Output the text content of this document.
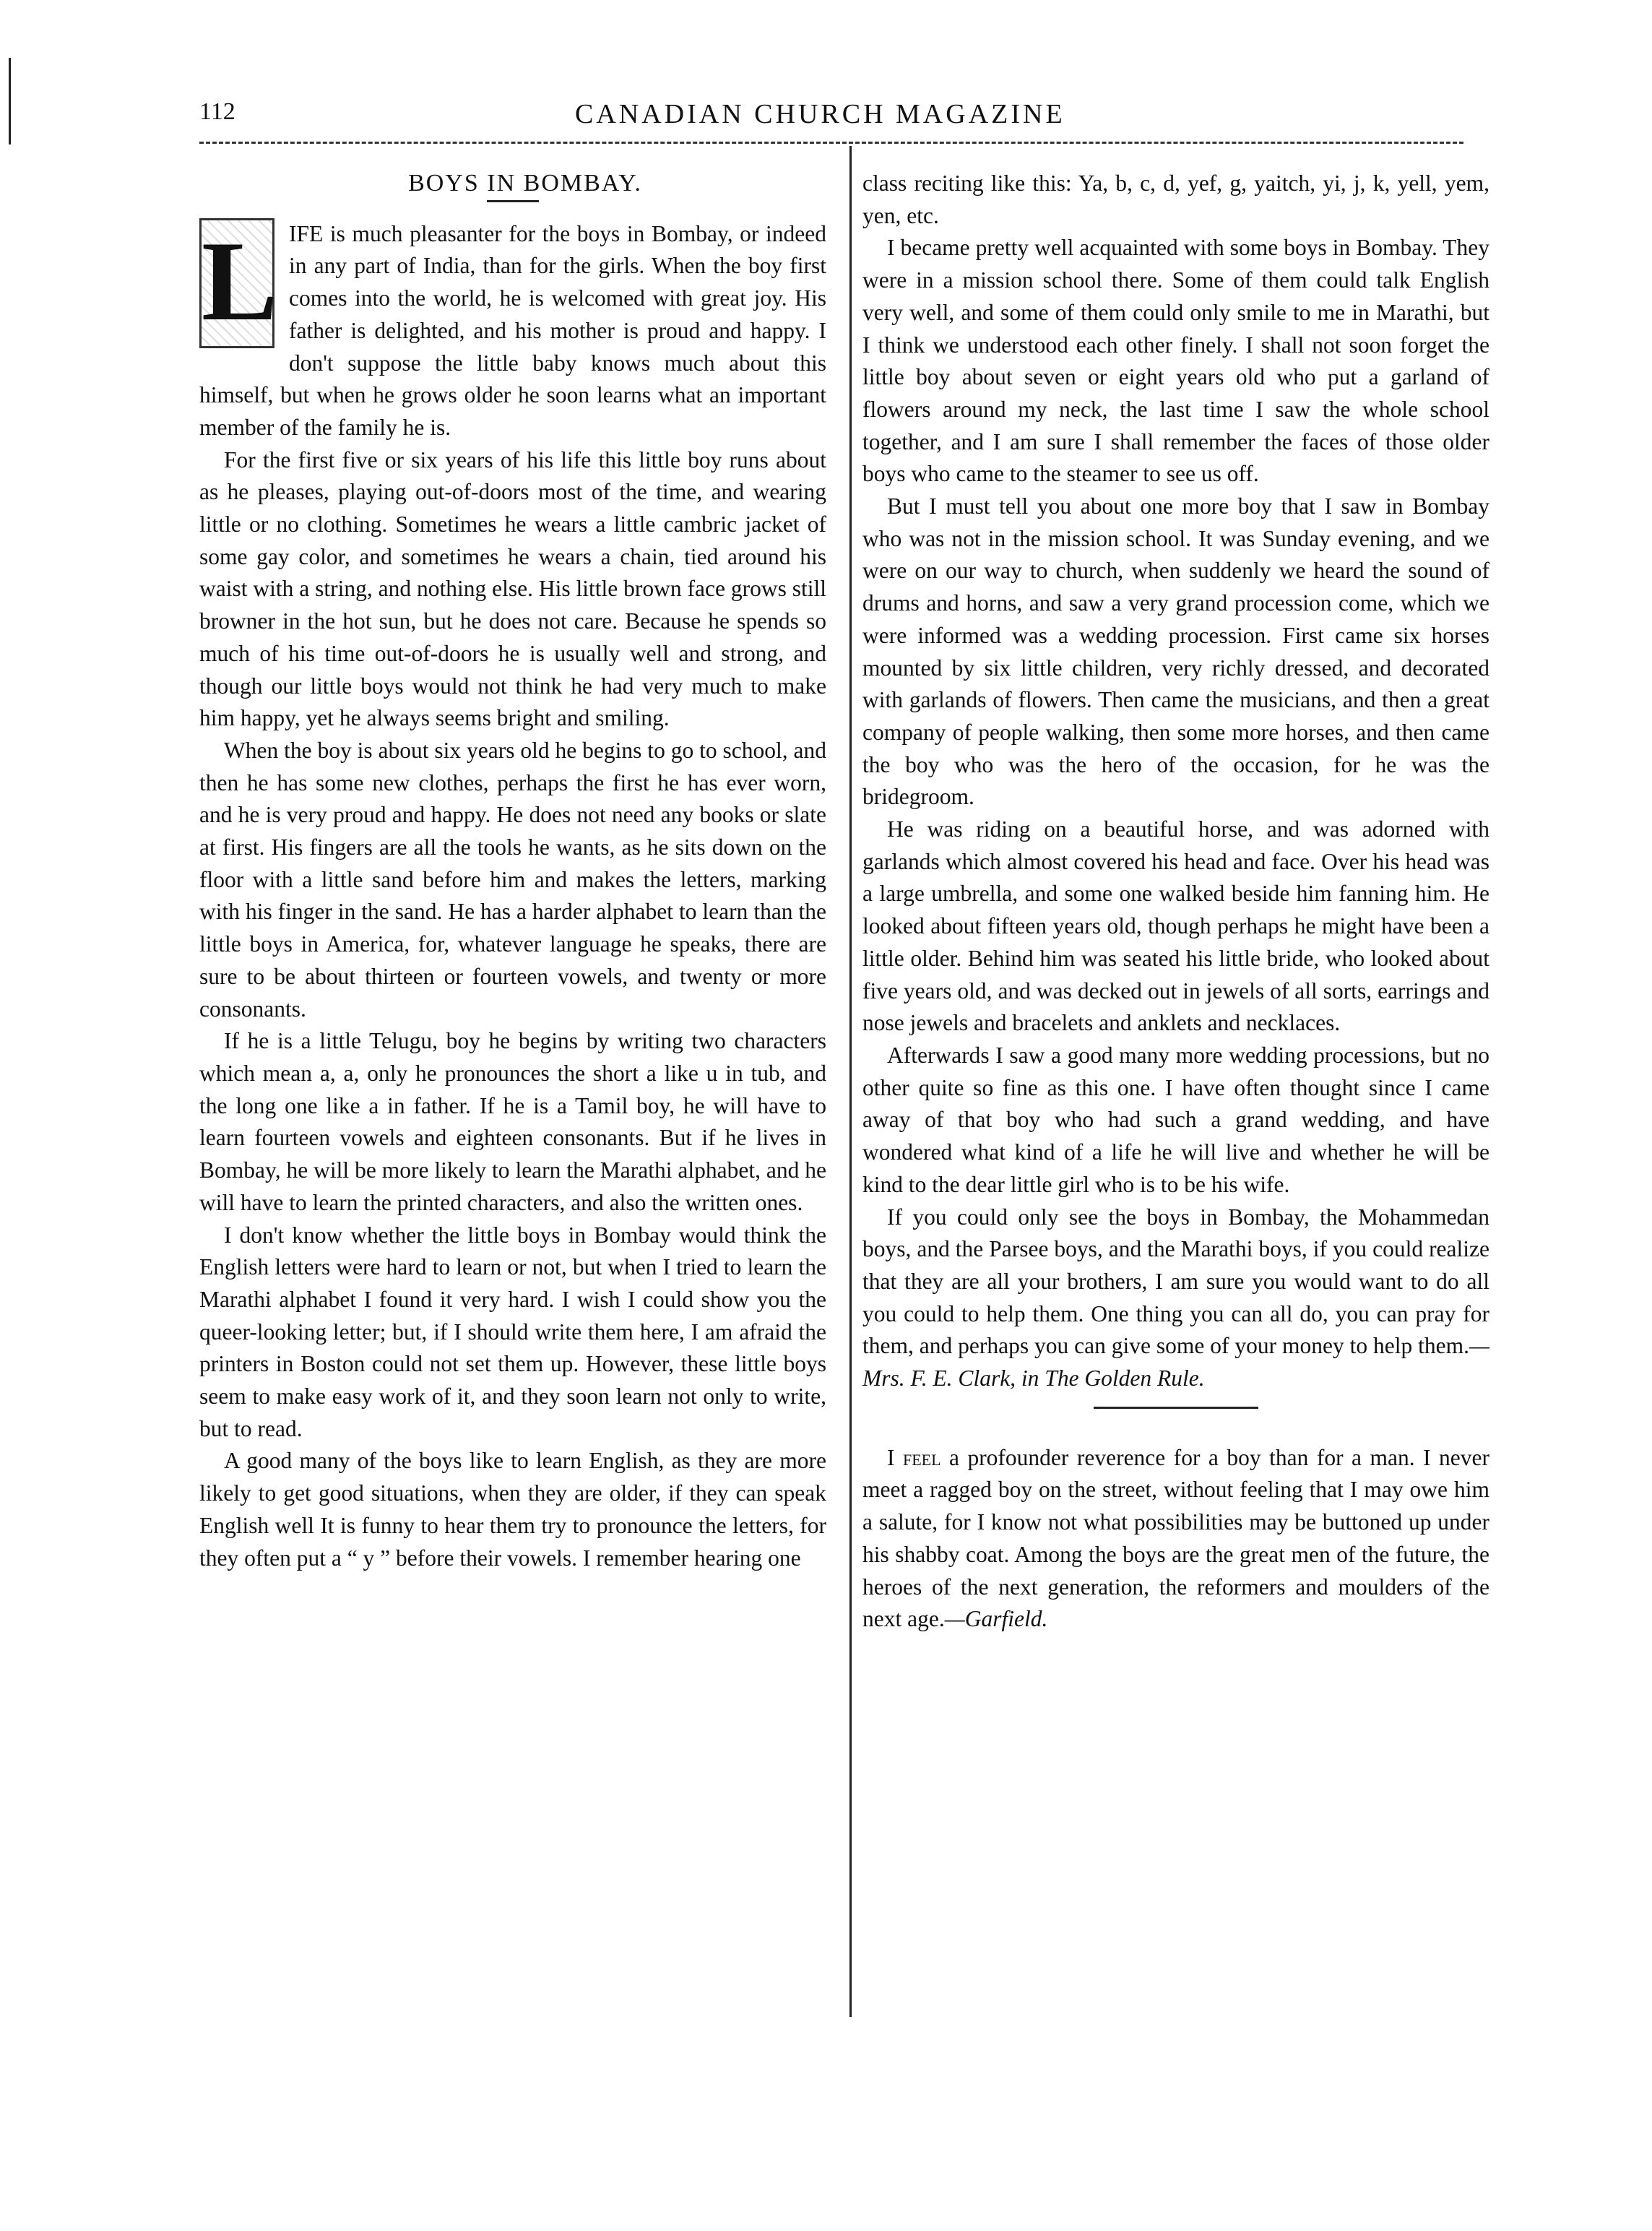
112	CANADIAN CHURCH MAGAZINE

BOYS IN BOMBAY.

L IFE is much pleasanter for the boys in Bombay, or indeed in any part of India, than for the girls. When the boy first comes into the world, he is welcomed with great joy. His father is delighted, and his mother is proud and happy. I don't suppose the little baby knows much about this himself, but when he grows older he soon learns what an important member of the family he is.

For the first five or six years of his life this little boy runs about as he pleases, playing out-of-doors most of the time, and wearing little or no clothing. Sometimes he wears a little cambric jacket of some gay color, and sometimes he wears a chain, tied around his waist with a string, and nothing else. His little brown face grows still browner in the hot sun, but he does not care. Because he spends so much of his time out-of-doors he is usually well and strong, and though our little boys would not think he had very much to make him happy, yet he always seems bright and smiling.

When the boy is about six years old he begins to go to school, and then he has some new clothes, perhaps the first he has ever worn, and he is very proud and happy. He does not need any books or slate at first. His fingers are all the tools he wants, as he sits down on the floor with a little sand before him and makes the letters, marking with his finger in the sand. He has a harder alphabet to learn than the little boys in America, for, whatever language he speaks, there are sure to be about thirteen or fourteen vowels, and twenty or more consonants.

If he is a little Telugu, boy he begins by writing two characters which mean a, a, only he pronounces the short a like u in tub, and the long one like a in father. If he is a Tamil boy, he will have to learn fourteen vowels and eighteen consonants. But if he lives in Bombay, he will be more likely to learn the Marathi alphabet, and he will have to learn the printed characters, and also the written ones.

I don't know whether the little boys in Bombay would think the English letters were hard to learn or not, but when I tried to learn the Marathi alphabet I found it very hard. I wish I could show you the queer-looking letter; but, if I should write them here, I am afraid the printers in Boston could not set them up. However, these little boys seem to make easy work of it, and they soon learn not only to write, but to read.

A good many of the boys like to learn English, as they are more likely to get good situations, when they are older, if they can speak English well It is funny to hear them try to pronounce the letters, for they often put a “ y ” before their vowels. I remember hearing one

class reciting like this: Ya, b, c, d, yef, g, yaitch, yi, j, k, yell, yem, yen, etc.

I became pretty well acquainted with some boys in Bombay. They were in a mission school there. Some of them could talk English very well, and some of them could only smile to me in Marathi, but I think we understood each other finely. I shall not soon forget the little boy about seven or eight years old who put a garland of flowers around my neck, the last time I saw the whole school together, and I am sure I shall remember the faces of those older boys who came to the steamer to see us off.

But I must tell you about one more boy that I saw in Bombay who was not in the mission school. It was Sunday evening, and we were on our way to church, when suddenly we heard the sound of drums and horns, and saw a very grand procession come, which we were informed was a wedding procession. First came six horses mounted by six little children, very richly dressed, and decorated with garlands of flowers. Then came the musicians, and then a great company of people walking, then some more horses, and then came the boy who was the hero of the occasion, for he was the bridegroom.

He was riding on a beautiful horse, and was adorned with garlands which almost covered his head and face. Over his head was a large umbrella, and some one walked beside him fanning him. He looked about fifteen years old, though perhaps he might have been a little older. Behind him was seated his little bride, who looked about five years old, and was decked out in jewels of all sorts, earrings and nose jewels and bracelets and anklets and necklaces.

Afterwards I saw a good many more wedding processions, but no other quite so fine as this one. I have often thought since I came away of that boy who had such a grand wedding, and have wondered what kind of a life he will live and whether he will be kind to the dear little girl who is to be his wife.

If you could only see the boys in Bombay, the Mohammedan boys, and the Parsee boys, and the Marathi boys, if you could realize that they are all your brothers, I am sure you would want to do all you could to help them. One thing you can all do, you can pray for them, and perhaps you can give some of your money to help them.—Mrs. F. E. Clark, in The Golden Rule.

I feel a profounder reverence for a boy than for a man. I never meet a ragged boy on the street, without feeling that I may owe him a salute, for I know not what possibilities may be buttoned up under his shabby coat. Among the boys are the great men of the future, the heroes of the next generation, the reformers and moulders of the next age.—Garfield.
